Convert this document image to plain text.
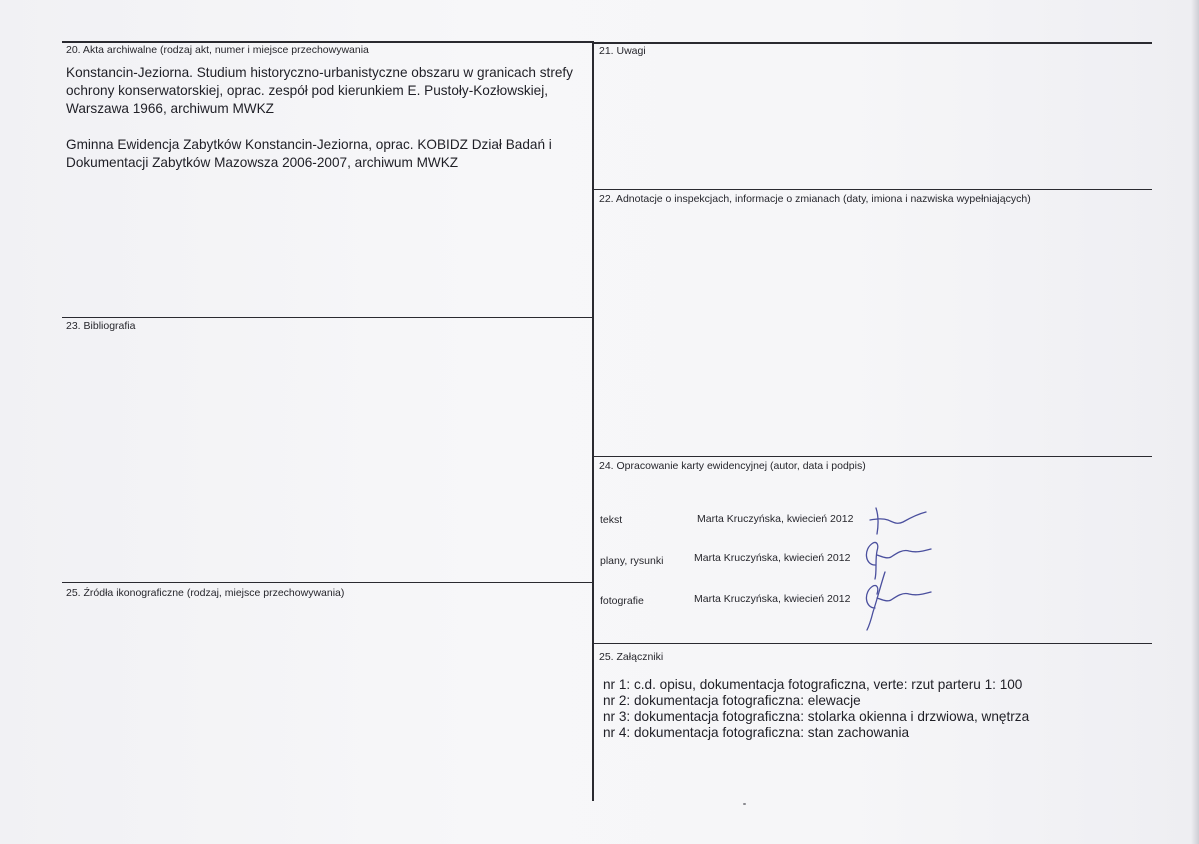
20. Akta archiwalne (rodzaj akt, numer i miejsce przechowywania

Konstancin-Jeziorna. Studium historyczno-urbanistyczne obszaru w granicach strefy ochrony konserwatorskiej, oprac. zespół pod kierunkiem E. Pustoły-Kozłowskiej, Warszawa 1966, archiwum MWKZ

Gminna Ewidencja Zabytków Konstancin-Jeziorna, oprac. KOBIDZ Dział Badań i Dokumentacji Zabytków Mazowsza 2006-2007, archiwum MWKZ

21. Uwagi
22. Adnotacje o inspekcjach, informacje o zmianach (daty, imiona i nazwiska wypełniających)
23. Bibliografia
24. Opracowanie karty ewidencyjnej (autor, data i podpis)
tekst	Marta Kruczyńska, kwiecień 2012
plany, rysunki	Marta Kruczyńska, kwiecień 2012
fotografie	Marta Kruczyńska, kwiecień 2012
25. Źródła ikonograficzne (rodzaj, miejsce przechowywania)
25. Załączniki
nr 1: c.d. opisu, dokumentacja fotograficzna, verte: rzut parteru 1: 100
nr 2: dokumentacja fotograficzna: elewacje
nr 3: dokumentacja fotograficzna: stolarka okienna i drzwiowa, wnętrza
nr 4: dokumentacja fotograficzna: stan zachowania
